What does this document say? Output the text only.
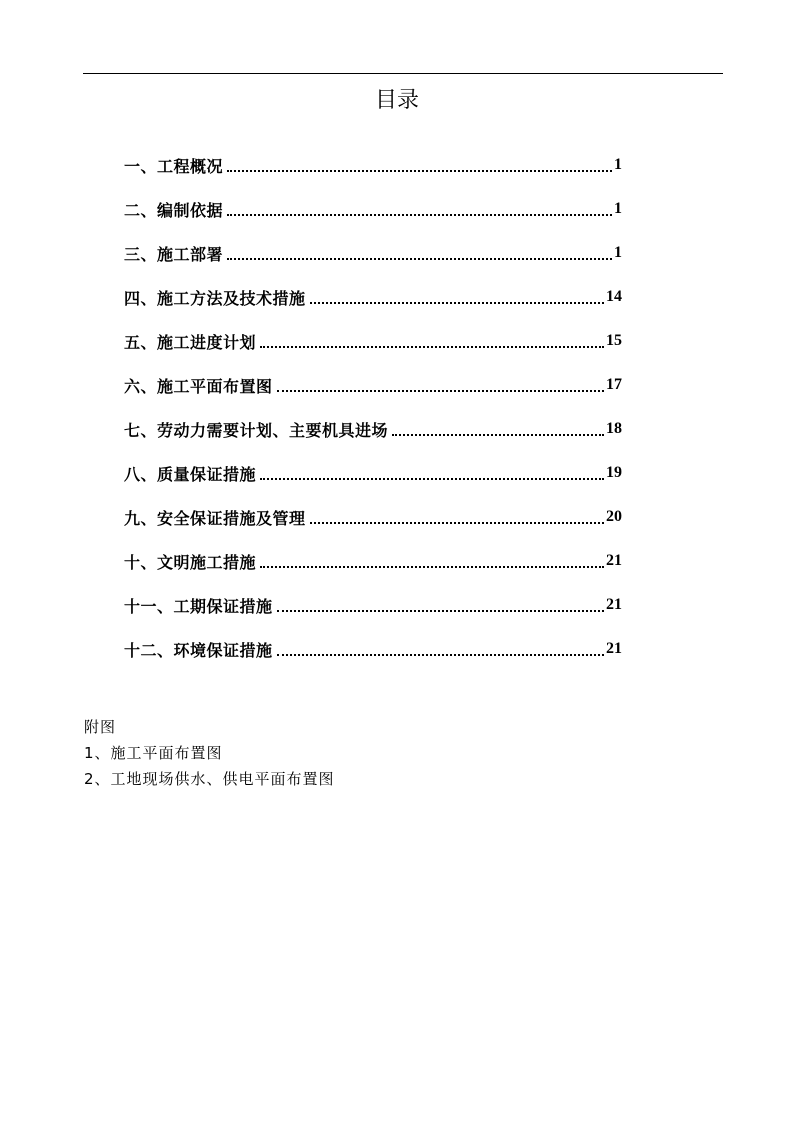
目录
一、工程概况	1
二、编制依据	1
三、施工部署	1
四、施工方法及技术措施	14
五、施工进度计划	15
六、施工平面布置图	17
七、劳动力需要计划、主要机具进场	18
八、质量保证措施	19
九、安全保证措施及管理	20
十、文明施工措施	21
十一、工期保证措施	21
十二、环境保证措施	21
附图
1、施工平面布置图
2、工地现场供水、供电平面布置图
